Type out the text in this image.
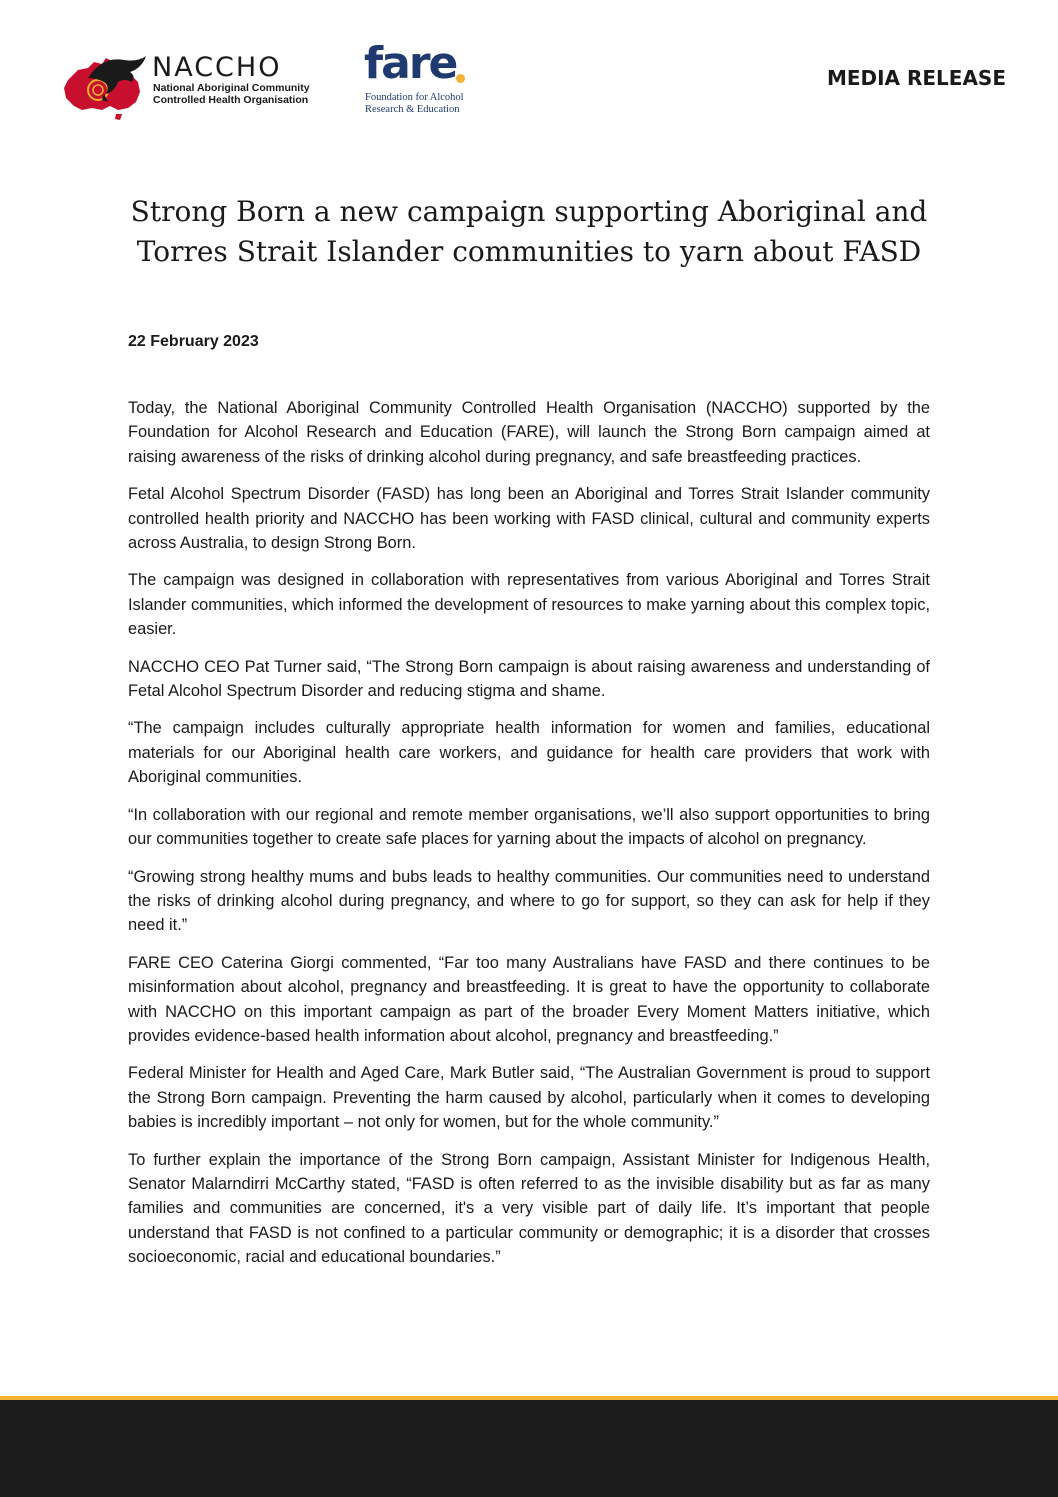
NACCHO
National Aboriginal Community
Controlled Health Organisation
fare
Foundation for Alcohol
Research & Education
MEDIA RELEASE
Strong Born a new campaign supporting Aboriginal and
Torres Strait Islander communities to yarn about FASD
22 February 2023

Today, the National Aboriginal Community Controlled Health Organisation (NACCHO) supported by the Foundation for Alcohol Research and Education (FARE), will launch the Strong Born campaign aimed at raising awareness of the risks of drinking alcohol during pregnancy, and safe breastfeeding practices.

Fetal Alcohol Spectrum Disorder (FASD) has long been an Aboriginal and Torres Strait Islander community controlled health priority and NACCHO has been working with FASD clinical, cultural and community experts across Australia, to design Strong Born.

The campaign was designed in collaboration with representatives from various Aboriginal and Torres Strait Islander communities, which informed the development of resources to make yarning about this complex topic, easier.

NACCHO CEO Pat Turner said, “The Strong Born campaign is about raising awareness and understanding of Fetal Alcohol Spectrum Disorder and reducing stigma and shame.

“The campaign includes culturally appropriate health information for women and families, educational materials for our Aboriginal health care workers, and guidance for health care providers that work with Aboriginal communities.

“In collaboration with our regional and remote member organisations, we’ll also support opportunities to bring our communities together to create safe places for yarning about the impacts of alcohol on pregnancy.

“Growing strong healthy mums and bubs leads to healthy communities. Our communities need to understand the risks of drinking alcohol during pregnancy, and where to go for support, so they can ask for help if they need it.”

FARE CEO Caterina Giorgi commented, “Far too many Australians have FASD and there continues to be misinformation about alcohol, pregnancy and breastfeeding. It is great to have the opportunity to collaborate with NACCHO on this important campaign as part of the broader Every Moment Matters initiative, which provides evidence-based health information about alcohol, pregnancy and breastfeeding.”

Federal Minister for Health and Aged Care, Mark Butler said, “The Australian Government is proud to support the Strong Born campaign. Preventing the harm caused by alcohol, particularly when it comes to developing babies is incredibly important – not only for women, but for the whole community.”

To further explain the importance of the Strong Born campaign, Assistant Minister for Indigenous Health, Senator Malarndirri McCarthy stated, “FASD is often referred to as the invisible disability but as far as many families and communities are concerned, it's a very visible part of daily life. It’s important that people understand that FASD is not confined to a particular community or demographic; it is a disorder that crosses socioeconomic, racial and educational boundaries.”
